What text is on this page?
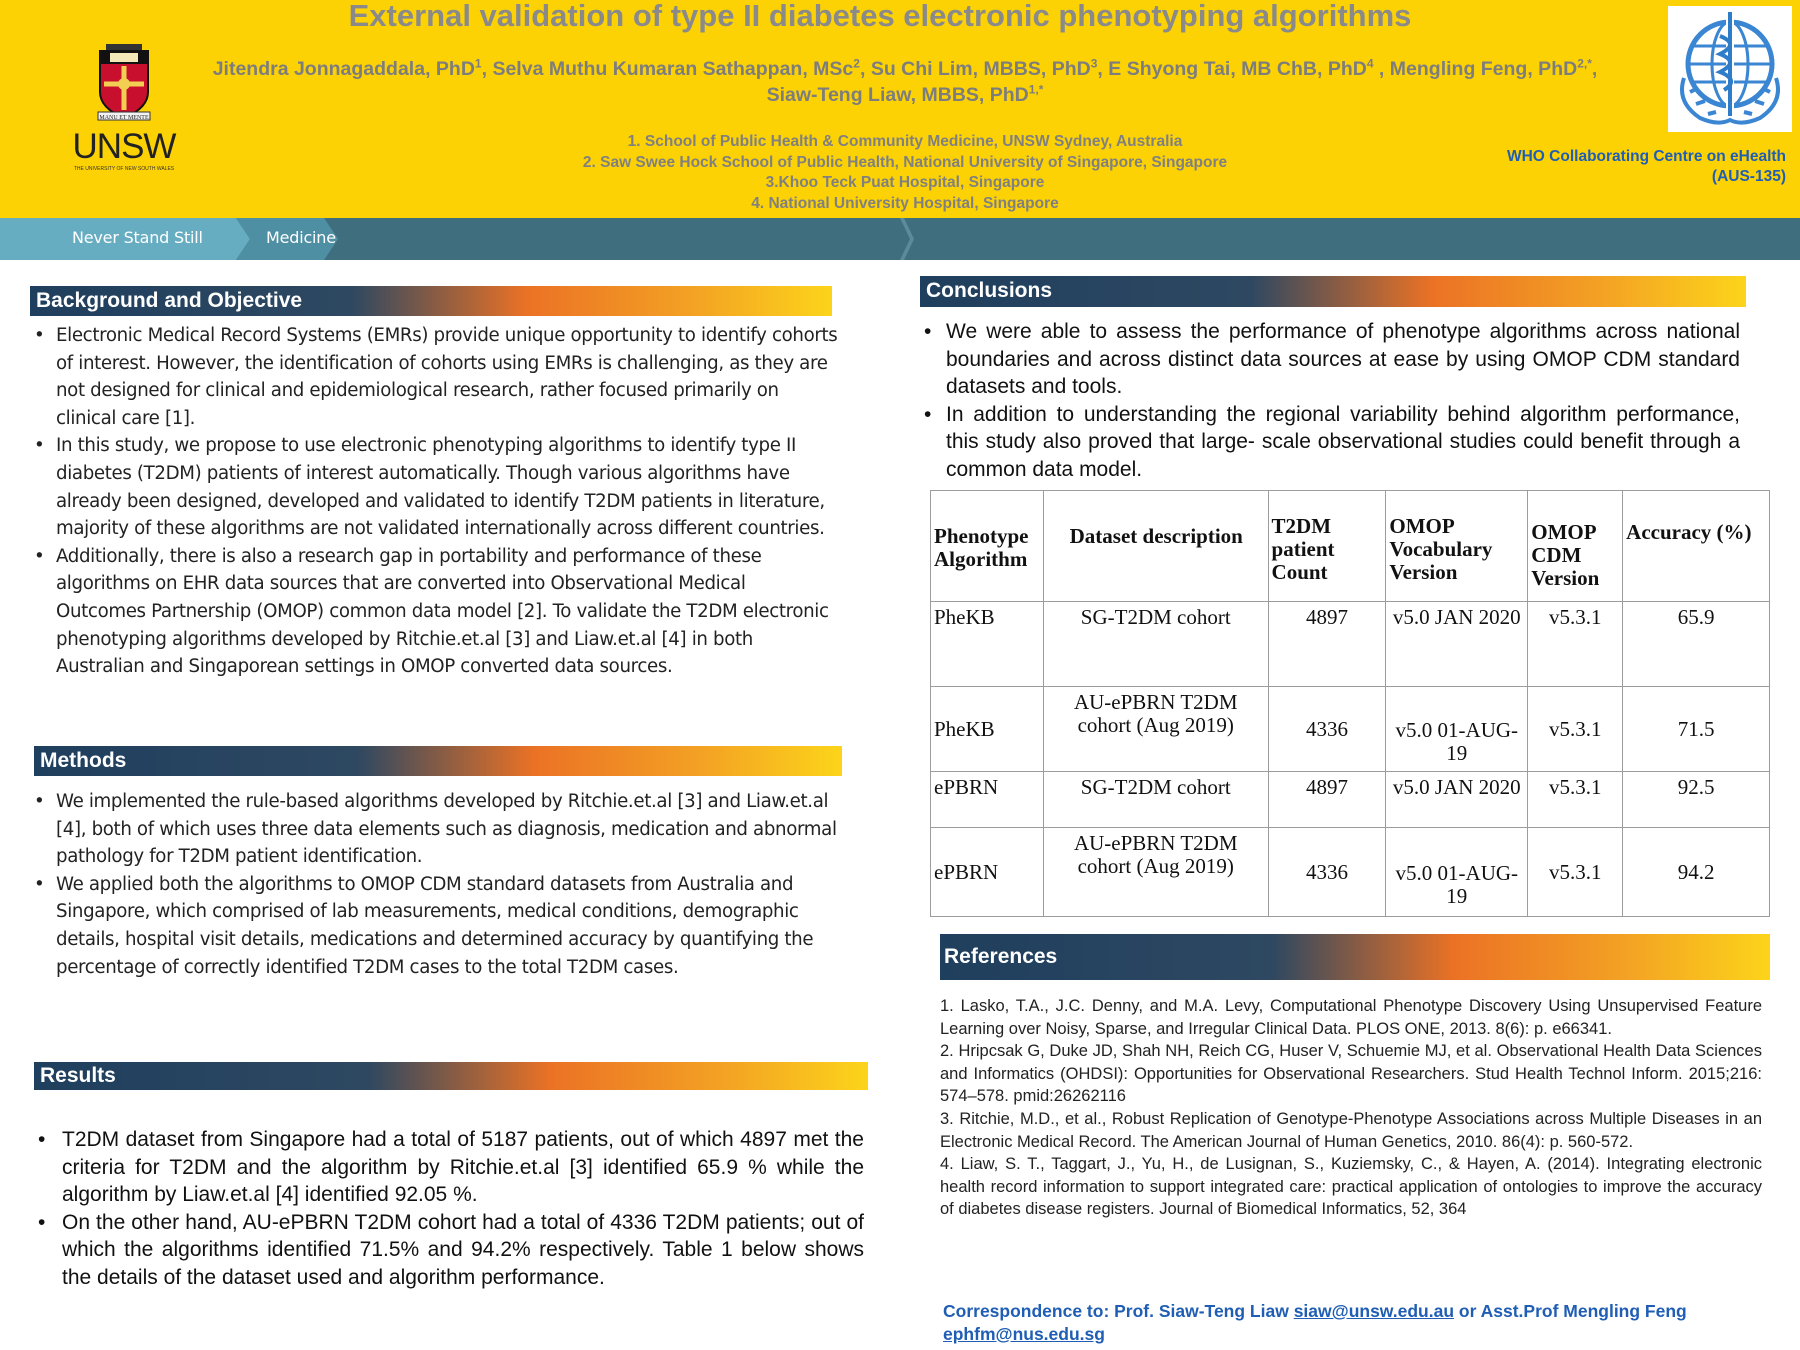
External validation of type II diabetes electronic phenotyping algorithms
Jitendra Jonnagaddala, PhD$^1$, Selva Muthu Kumaran Sathappan, MSc$^2$, Su Chi Lim, MBBS, PhD$^3$, E Shyong Tai, MB ChB, PhD$^4$ , Mengling Feng, PhD$^{2,*}$,
Siaw-Teng Liaw, MBBS, PhD$^{1,*}$
1. School of Public Health & Community Medicine, UNSW Sydney, Australia
2. Saw Swee Hock School of Public Health, National University of Singapore, Singapore
3.Khoo Teck Puat Hospital, Singapore
4. National University Hospital, Singapore
MANU ET MENTE
UNSW
THE UNIVERSITY OF NEW SOUTH WALES
WHO Collaborating Centre on eHealth
(AUS-135)
Never Stand Still	Medicine
Background and Objective
• Electronic Medical Record Systems (EMRs) provide unique opportunity to identify cohorts of interest. However, the identification of cohorts using EMRs is challenging, as they are not designed for clinical and epidemiological research, rather focused primarily on clinical care [1].
• In this study, we propose to use electronic phenotyping algorithms to identify type II diabetes (T2DM) patients of interest automatically. Though various algorithms have already been designed, developed and validated to identify T2DM patients in literature, majority of these algorithms are not validated internationally across different countries.
• Additionally, there is also a research gap in portability and performance of these algorithms on EHR data sources that are converted into Observational Medical Outcomes Partnership (OMOP) common data model [2]. To validate the T2DM electronic phenotyping algorithms developed by Ritchie.et.al [3] and Liaw.et.al [4] in both Australian and Singaporean settings in OMOP converted data sources.
Methods
• We implemented the rule-based algorithms developed by Ritchie.et.al [3] and Liaw.et.al [4], both of which uses three data elements such as diagnosis, medication and abnormal pathology for T2DM patient identification.
• We applied both the algorithms to OMOP CDM standard datasets from Australia and Singapore, which comprised of lab measurements, medical conditions, demographic details, hospital visit details, medications and determined accuracy by quantifying the percentage of correctly identified T2DM cases to the total T2DM cases.
Results
• T2DM dataset from Singapore had a total of 5187 patients, out of which 4897 met the criteria for T2DM and the algorithm by Ritchie.et.al [3] identified 65.9 % while the algorithm by Liaw.et.al [4] identified 92.05 %.
• On the other hand, AU-ePBRN T2DM cohort had a total of 4336 T2DM patients; out of which the algorithms identified 71.5% and 94.2% respectively. Table 1 below shows the details of the dataset used and algorithm performance.
Conclusions
• We were able to assess the performance of phenotype algorithms across national boundaries and across distinct data sources at ease by using OMOP CDM standard datasets and tools.
• In addition to understanding the regional variability behind algorithm performance, this study also proved that large- scale observational studies could benefit through a common data model.
Phenotype Algorithm	Dataset description	T2DM patient Count	OMOP Vocabulary Version	OMOP CDM Version	Accuracy (%)
PheKB	SG-T2DM cohort	4897	v5.0 JAN 2020	v5.3.1	65.9
PheKB	AU-ePBRN T2DM cohort (Aug 2019)	4336	v5.0 01-AUG-19	v5.3.1	71.5
ePBRN	SG-T2DM cohort	4897	v5.0 JAN 2020	v5.3.1	92.5
ePBRN	AU-ePBRN T2DM cohort (Aug 2019)	4336	v5.0 01-AUG-19	v5.3.1	94.2
References

1. Lasko, T.A., J.C. Denny, and M.A. Levy, Computational Phenotype Discovery Using Unsupervised Feature Learning over Noisy, Sparse, and Irregular Clinical Data. PLOS ONE, 2013. 8(6): p. e66341.

2. Hripcsak G, Duke JD, Shah NH, Reich CG, Huser V, Schuemie MJ, et al. Observational Health Data Sciences and Informatics (OHDSI): Opportunities for Observational Researchers. Stud Health Technol Inform. 2015;216: 574–578. pmid:26262116

3. Ritchie, M.D., et al., Robust Replication of Genotype-Phenotype Associations across Multiple Diseases in an Electronic Medical Record. The American Journal of Human Genetics, 2010. 86(4): p. 560-572.

4. Liaw, S. T., Taggart, J., Yu, H., de Lusignan, S., Kuziemsky, C., & Hayen, A. (2014). Integrating electronic health record information to support integrated care: practical application of ontologies to improve the accuracy of diabetes disease registers. Journal of Biomedical Informatics, 52, 364

Correspondence to: Prof. Siaw-Teng Liaw siaw@unsw.edu.au or Asst.Prof Mengling Feng ephfm@nus.edu.sg
